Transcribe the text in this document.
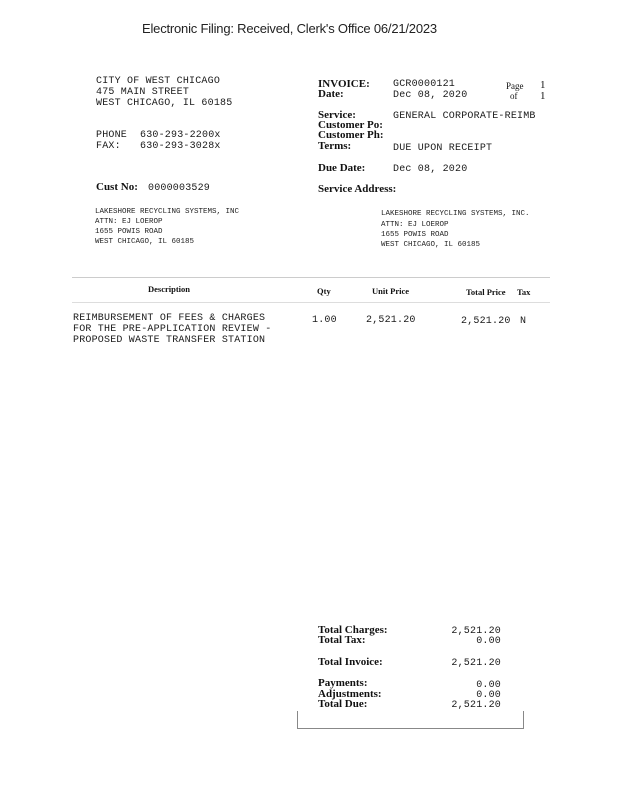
Electronic Filing: Received, Clerk's Office 06/21/2023
CITY OF WEST CHICAGO
475 MAIN STREET
WEST CHICAGO, IL 60185
PHONE 630-293-2200x
FAX: 630-293-3028x
INVOICE: GCR0000121	Page 1
Date:	Dec 08, 2020	of 1
Service:	GENERAL CORPORATE-REIMB
Customer Po:
Customer Ph:
Terms:	DUE UPON RECEIPT
Due Date:	Dec 08, 2020
Service Address:
Cust No: 0000003529
LAKESHORE RECYCLING SYSTEMS, INC
ATTN: EJ LOEROP
1655 POWIS ROAD
WEST CHICAGO, IL 60185
LAKESHORE RECYCLING SYSTEMS, INC.
ATTN: EJ LOEROP
1655 POWIS ROAD
WEST CHICAGO, IL 60185
Description	Qty	Unit Price	Total Price Tax
REIMBURSEMENT OF FEES & CHARGES
FOR THE PRE-APPLICATION REVIEW -
PROPOSED WASTE TRANSFER STATION
1.00	2,521.20	2,521.20 N
Total Charges:	2,521.20
Total Tax:	0.00
Total Invoice:	2,521.20
Payments:	0.00
Adjustments:	0.00
Total Due:	2,521.20
